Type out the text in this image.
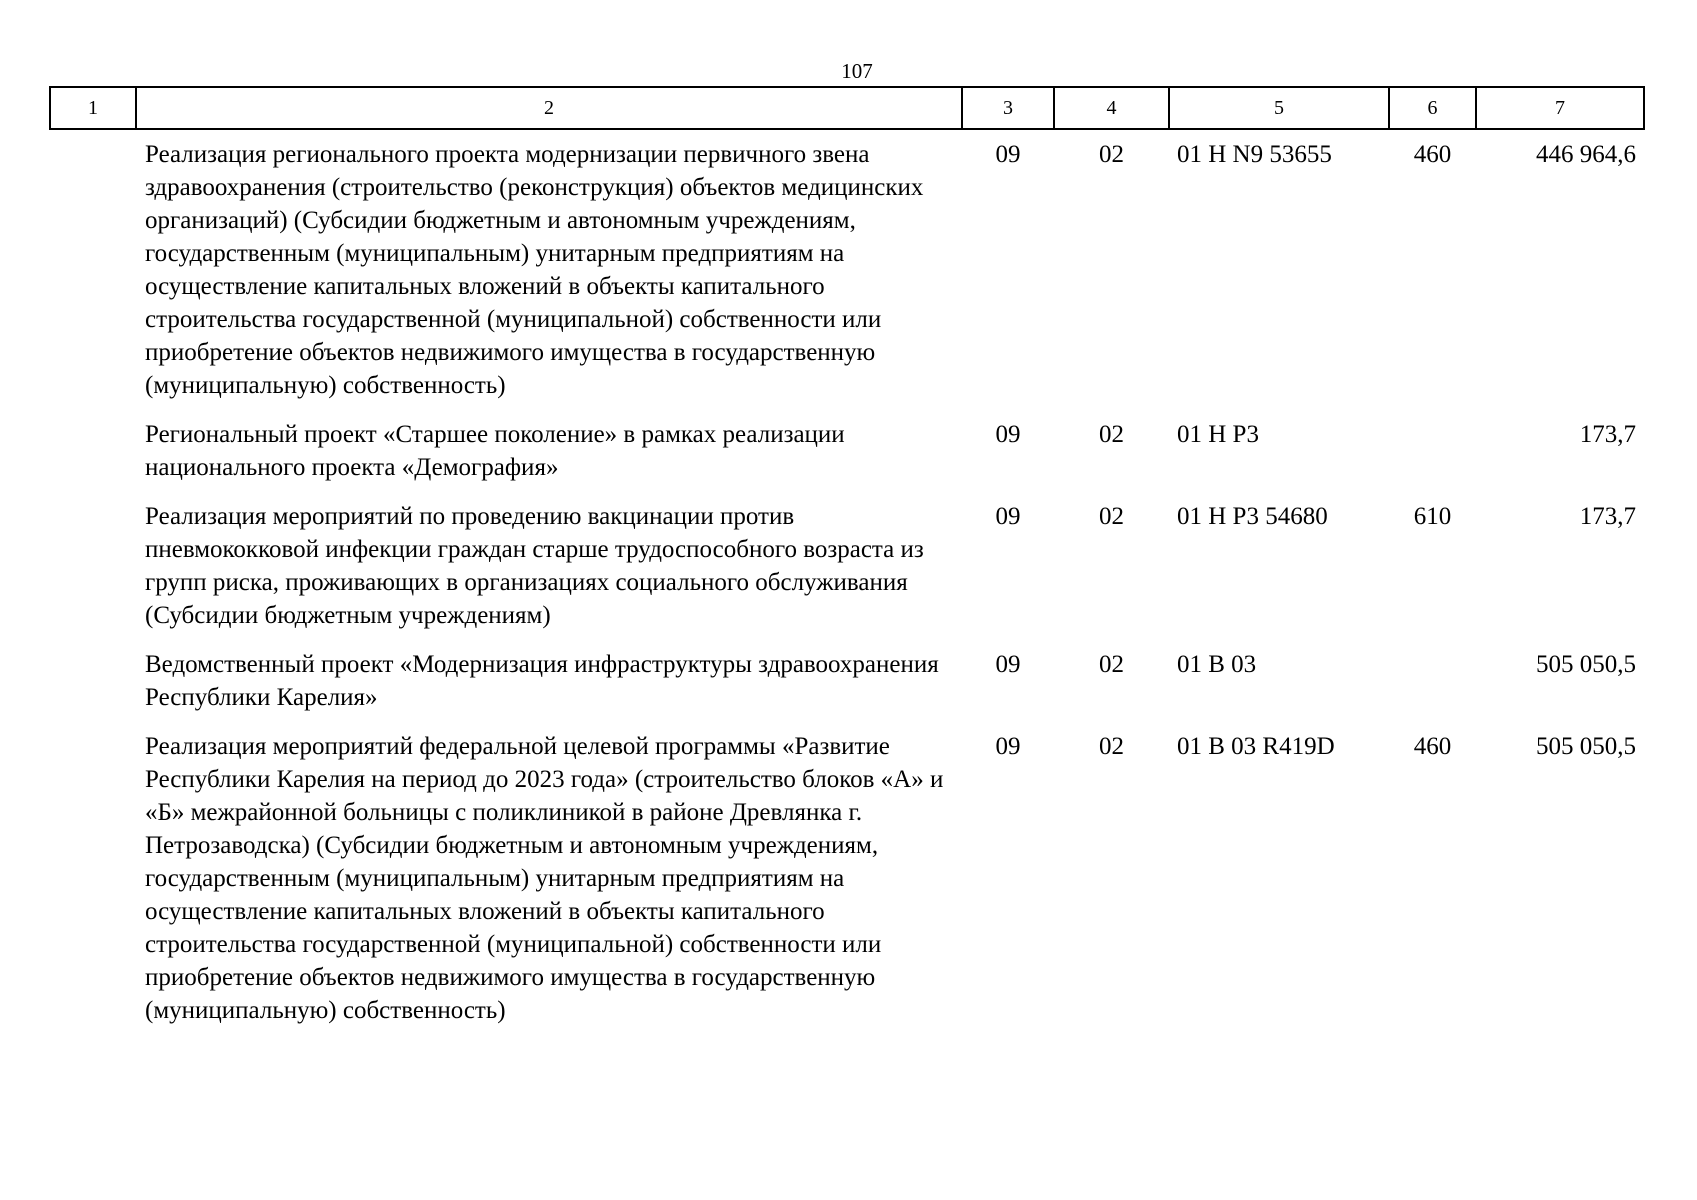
107
1	2	3	4	5	6	7
	Реализация регионального проекта модернизации первичного звена здравоохранения (строительство (реконструкция) объектов медицинских организаций) (Субсидии бюджетным и автономным учреждениям, государственным (муниципальным) унитарным предприятиям на осуществление капитальных вложений в объекты капитального строительства государственной (муниципальной) собственности или приобретение объектов недвижимого имущества в государственную (муниципальную) собственность)	09	02	01 Н N9 53655	460	446 964,6
	Региональный проект «Старшее поколение» в рамках реализации национального проекта «Демография»	09	02	01 Н P3		173,7
	Реализация мероприятий по проведению вакцинации против пневмококковой инфекции граждан старше трудоспособного возраста из групп риска, проживающих в организациях социального обслуживания (Субсидии бюджетным учреждениям)	09	02	01 Н P3 54680	610	173,7
	Ведомственный проект «Модернизация инфраструктуры здравоохранения Республики Карелия»	09	02	01 В 03		505 050,5
	Реализация мероприятий федеральной целевой программы «Развитие Республики Карелия на период до 2023 года» (строительство блоков «А» и «Б» межрайонной больницы с поликлиникой в районе Древлянка г. Петрозаводска) (Субсидии бюджетным и автономным учреждениям, государственным (муниципальным) унитарным предприятиям на осуществление капитальных вложений в объекты капитального строительства государственной (муниципальной) собственности или приобретение объектов недвижимого имущества в государственную (муниципальную) собственность)	09	02	01 В 03 R419D	460	505 050,5
